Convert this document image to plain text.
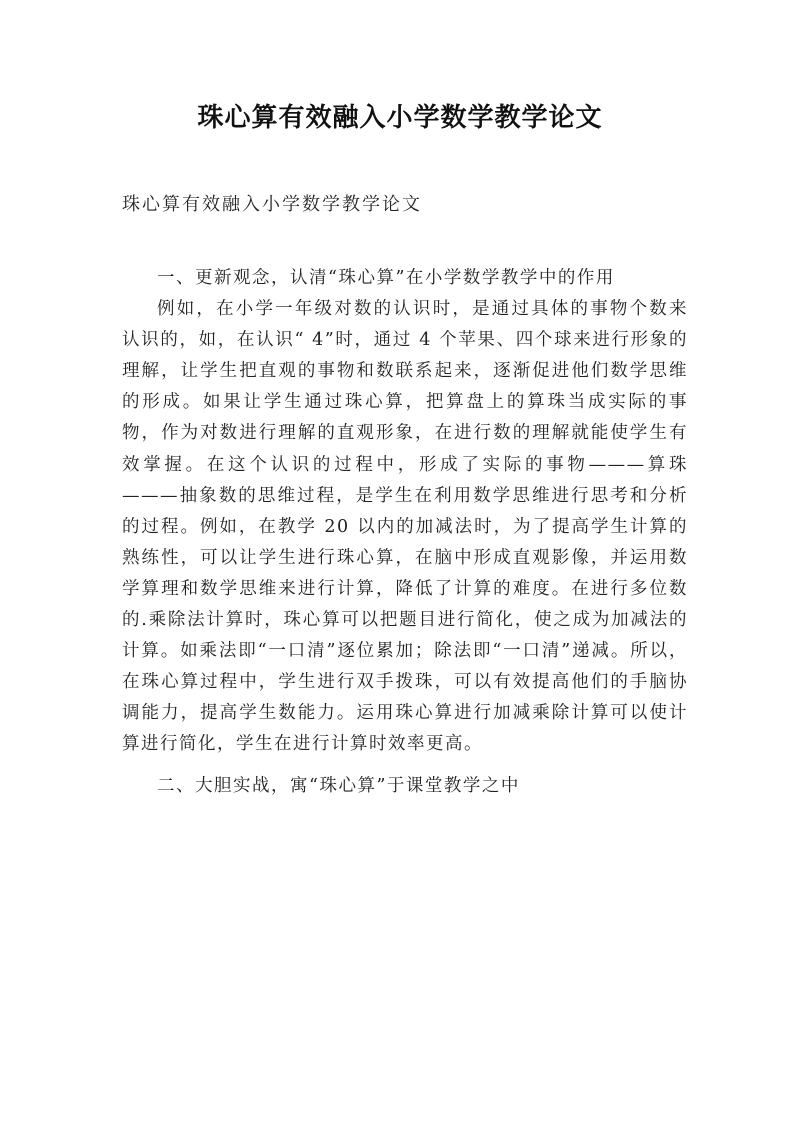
珠心算有效融入小学数学教学论文
珠心算有效融入小学数学教学论文

一、更新观念，认清“珠心算”在小学数学教学中的作用

例如，在小学一年级对数的认识时，是通过具体的事物个数来认识的，如，在认识“ 4”时，通过 4 个苹果、四个球来进行形象的理解，让学生把直观的事物和数联系起来，逐渐促进他们数学思维的形成。如果让学生通过珠心算，把算盘上的算珠当成实际的事物，作为对数进行理解的直观形象，在进行数的理解就能使学生有效掌握。在这个认识的过程中，形成了实际的事物———算珠———抽象数的思维过程，是学生在利用数学思维进行思考和分析的过程。例如，在教学 20 以内的加减法时，为了提高学生计算的熟练性，可以让学生进行珠心算，在脑中形成直观影像，并运用数学算理和数学思维来进行计算，降低了计算的难度。在进行多位数的.乘除法计算时，珠心算可以把题目进行简化，使之成为加减法的计算。如乘法即“一口清”逐位累加；除法即“一口清”递减。所以，在珠心算过程中，学生进行双手拨珠，可以有效提高他们的手脑协调能力，提高学生数能力。运用珠心算进行加减乘除计算可以使计算进行简化，学生在进行计算时效率更高。

二、大胆实战，寓“珠心算”于课堂教学之中
